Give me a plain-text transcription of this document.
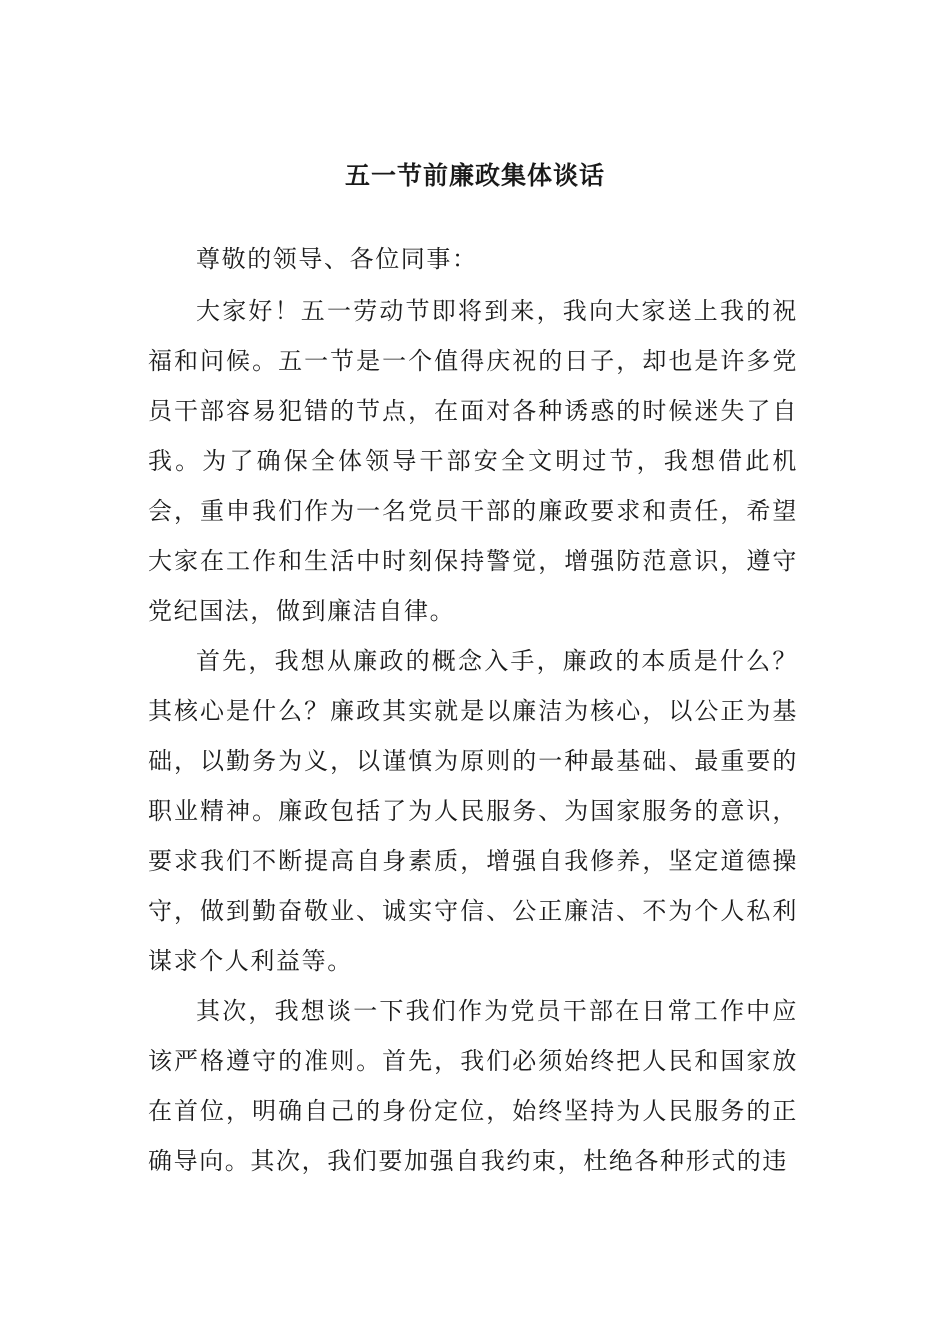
五一节前廉政集体谈话

尊敬的领导、各位同事：

大家好！五一劳动节即将到来，我向大家送上我的祝福和问候。五一节是一个值得庆祝的日子，却也是许多党员干部容易犯错的节点，在面对各种诱惑的时候迷失了自我。为了确保全体领导干部安全文明过节，我想借此机会，重申我们作为一名党员干部的廉政要求和责任，希望大家在工作和生活中时刻保持警觉，增强防范意识，遵守党纪国法，做到廉洁自律。

首先，我想从廉政的概念入手，廉政的本质是什么？其核心是什么？廉政其实就是以廉洁为核心，以公正为基础，以勤务为义，以谨慎为原则的一种最基础、最重要的职业精神。廉政包括了为人民服务、为国家服务的意识，要求我们不断提高自身素质，增强自我修养，坚定道德操守，做到勤奋敬业、诚实守信、公正廉洁、不为个人私利谋求个人利益等。

其次，我想谈一下我们作为党员干部在日常工作中应该严格遵守的准则。首先，我们必须始终把人民和国家放在首位，明确自己的身份定位，始终坚持为人民服务的正确导向。其次，我们要加强自我约束，杜绝各种形式的违
